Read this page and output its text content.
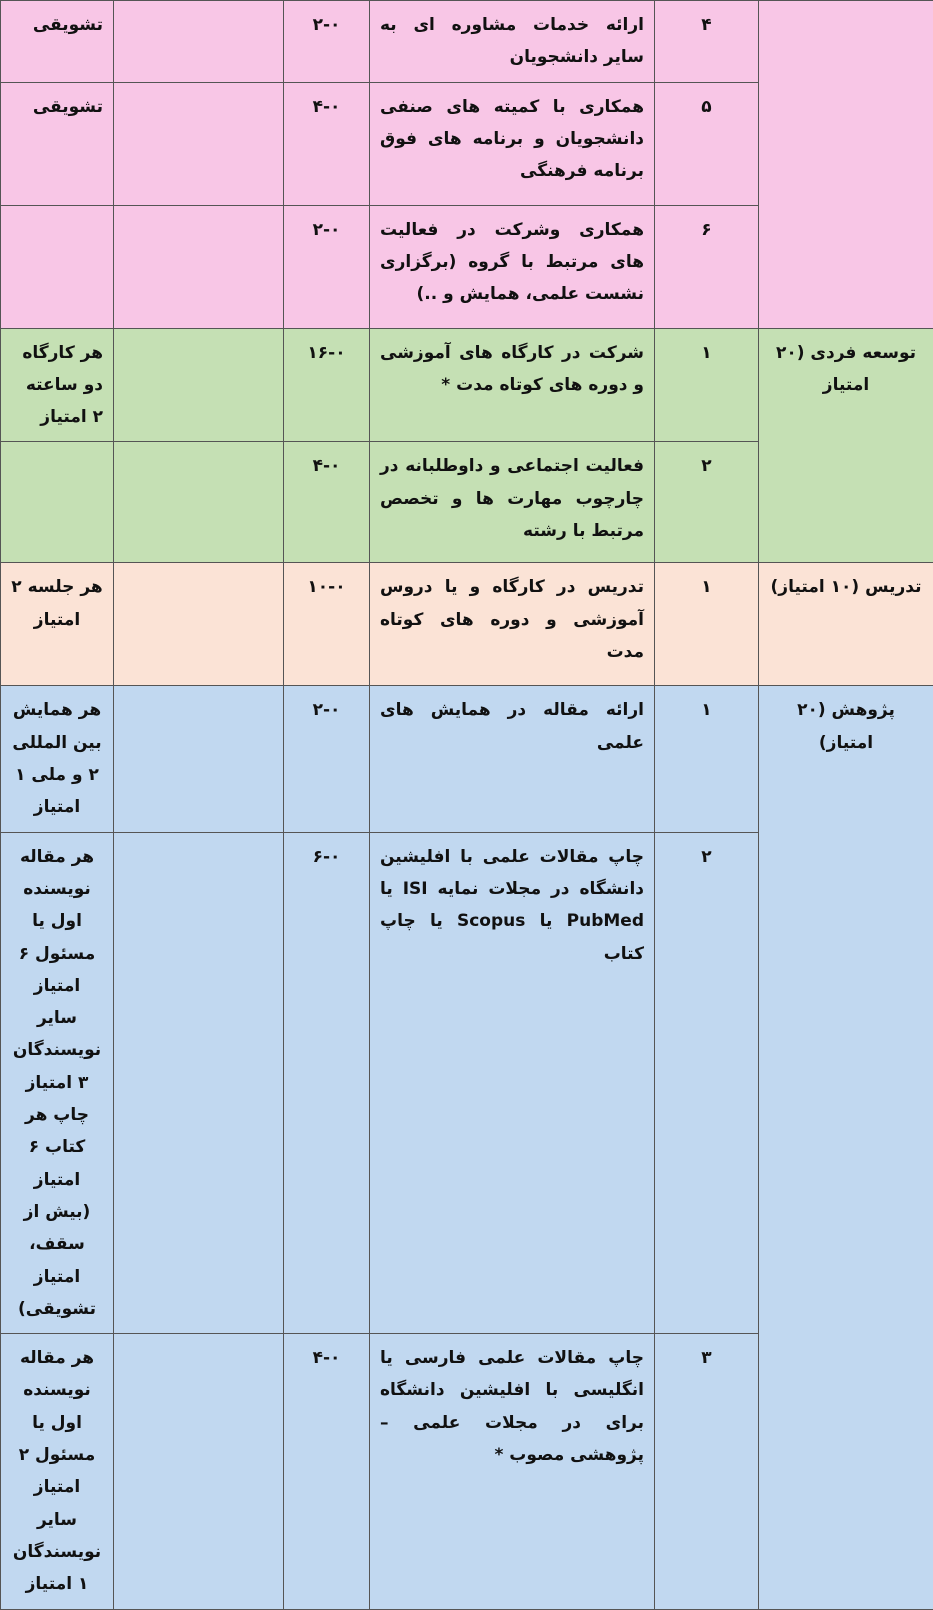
	۴	ارائه خدمات مشاوره ای به سایر دانشجویان	۲-۰		تشویقی
	۵	همکاری با کمیته های صنفی دانشجویان و برنامه های فوق برنامه فرهنگی	۴-۰		تشویقی
	۶	همکاری وشرکت در فعالیت های مرتبط با گروه (برگزاری نشست علمی، همایش و ..)	۲-۰		
توسعه فردی (۲۰ امتیاز	۱	شرکت در کارگاه های آموزشی و دوره های کوتاه مدت *	۱۶-۰		هر کارگاه دو ساعته ۲ امتیاز
	۲	فعالیت اجتماعی و داوطلبانه در چارچوب مهارت ها و تخصص مرتبط با رشته	۴-۰		
تدریس (۱۰ امتیاز)	۱	تدریس در کارگاه و یا دروس آموزشی و دوره های کوتاه مدت	۱۰-۰		هر جلسه ۲ امتیاز
پژوهش (۲۰ امتیاز)	۱	ارائه مقاله در همایش های علمی	۲-۰		هر همایش بین المللی ۲ و ملی ۱ امتیاز
	۲	چاپ مقالات علمی با افلیشین دانشگاه در مجلات نمایه ISI یا PubMed یا Scopus یا چاپ کتاب	۶-۰		هر مقاله نویسنده اول یا مسئول ۶ امتیاز سایر نویسندگان ۳ امتیاز چاپ هر کتاب ۶ امتیاز (بیش از سقف، امتیاز تشویقی)
	۳	چاپ مقالات علمی فارسی یا انگلیسی با افلیشین دانشگاه برای در مجلات علمی – پژوهشی مصوب *	۴-۰		هر مقاله نویسنده اول یا مسئول ۲ امتیاز سایر نویسندگان ۱ امتیاز
